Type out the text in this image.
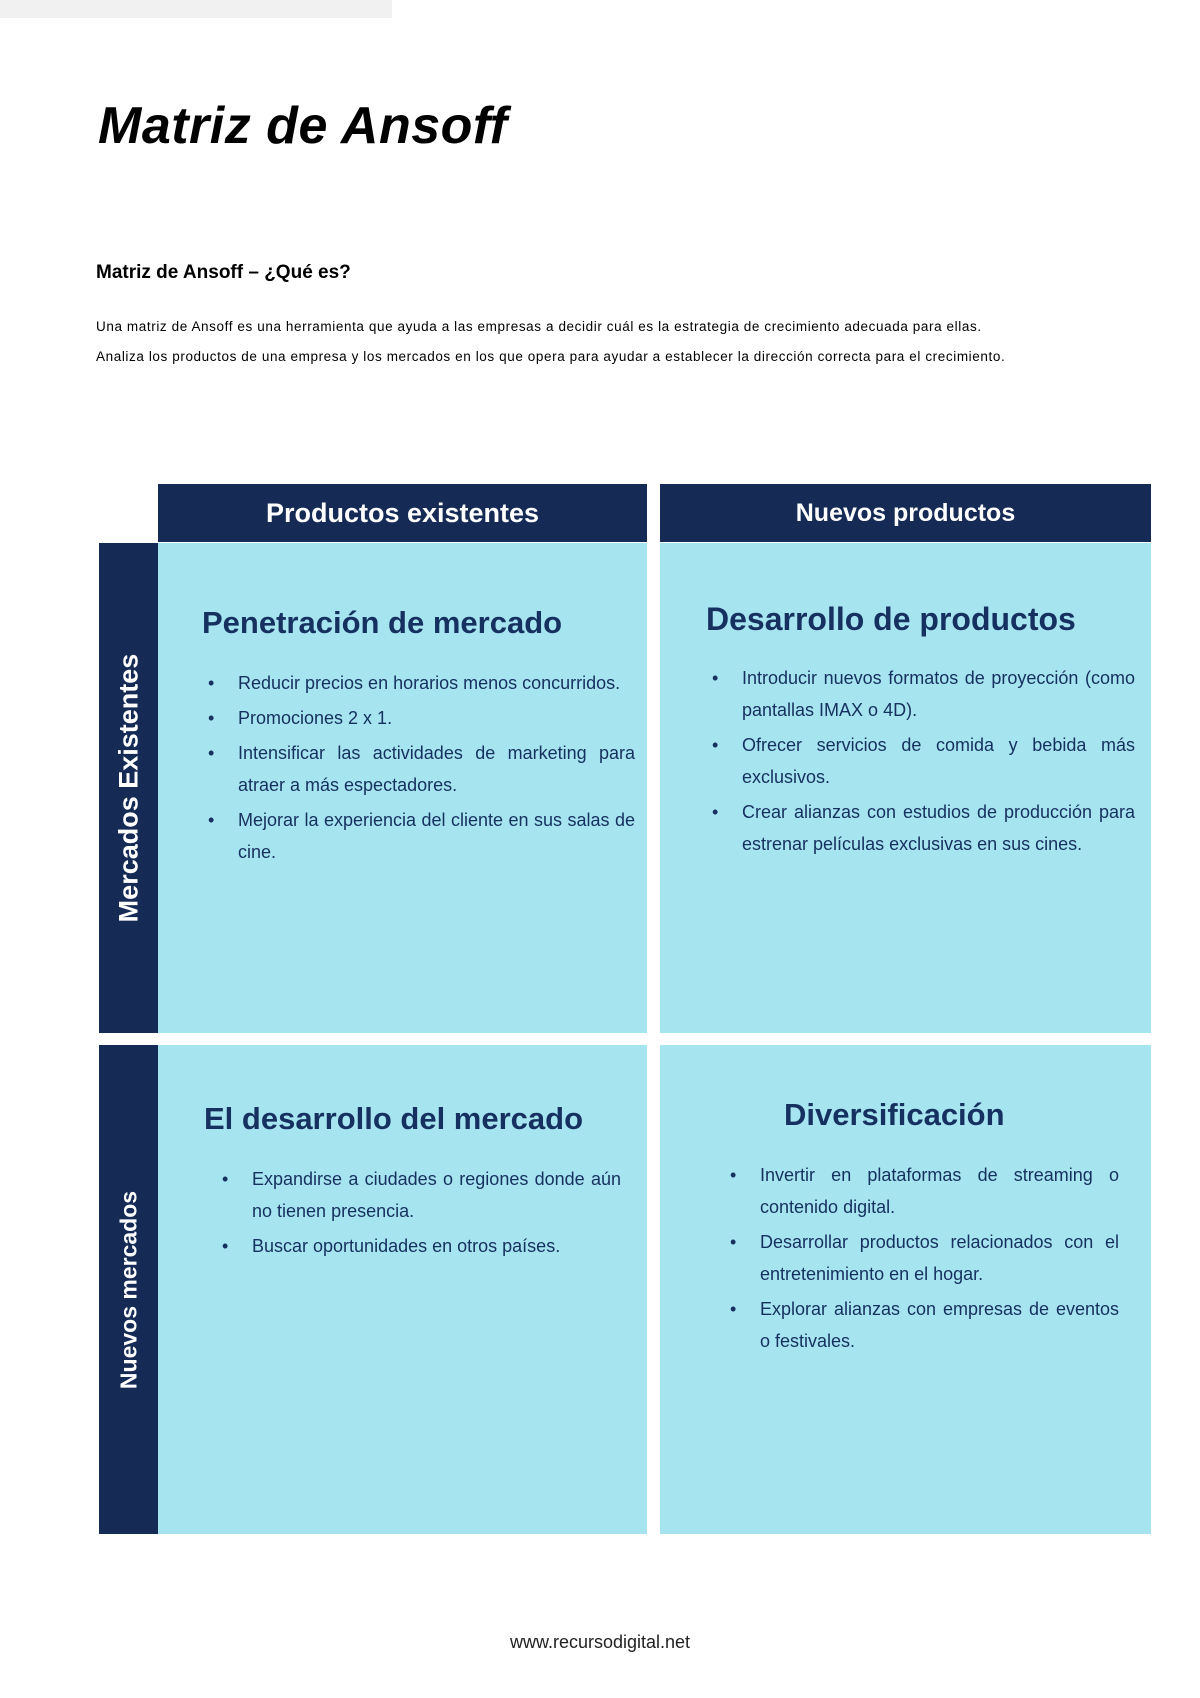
Matriz de Ansoff
Matriz de Ansoff – ¿Qué es?

Una matriz de Ansoff es una herramienta que ayuda a las empresas a decidir cuál es la estrategia de crecimiento adecuada para ellas.

Analiza los productos de una empresa y los mercados en los que opera para ayudar a establecer la dirección correcta para el crecimiento.

Productos existentes	Nuevos productos
Mercados Existentes
Nuevos mercados
Penetración de mercado
• Reducir precios en horarios menos concurridos.
• Promociones 2 x 1.
• Intensificar las actividades de marketing para atraer a más espectadores.
• Mejorar la experiencia del cliente en sus salas de cine.
Desarrollo de productos
• Introducir nuevos formatos de proyección (como pantallas IMAX o 4D).
• Ofrecer servicios de comida y bebida más exclusivos.
• Crear alianzas con estudios de producción para estrenar películas exclusivas en sus cines.
El desarrollo del mercado
• Expandirse a ciudades o regiones donde aún no tienen presencia.
• Buscar oportunidades en otros países.
Diversificación
• Invertir en plataformas de streaming o contenido digital.
• Desarrollar productos relacionados con el entretenimiento en el hogar.
• Explorar alianzas con empresas de eventos o festivales.
www.recursodigital.net
